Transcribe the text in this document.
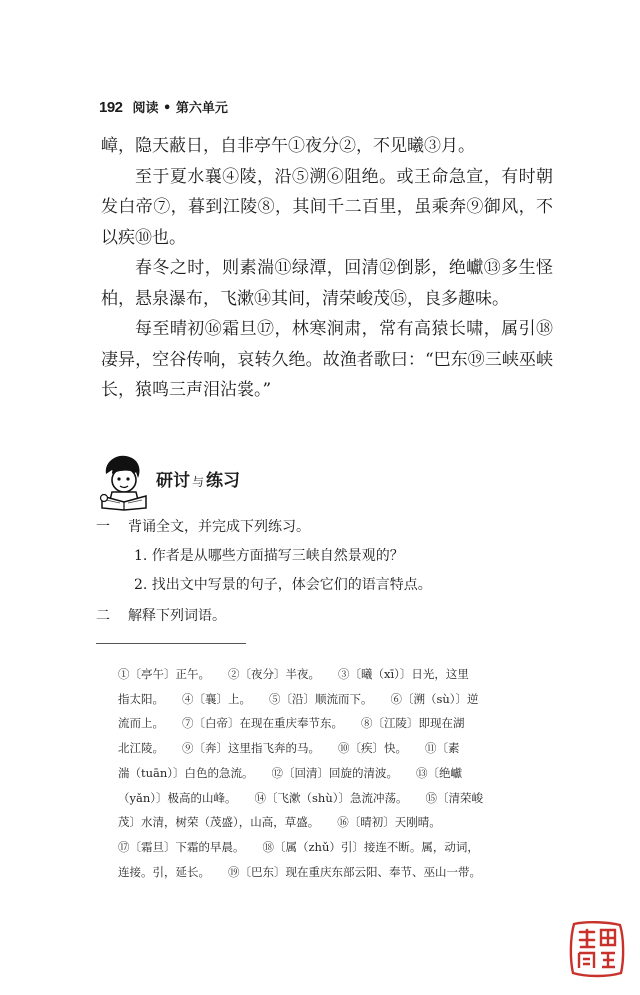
192 阅读 • 第六单元

嶂，隐天蔽日，自非亭午①夜分②，不见曦③月。

至于夏水襄④陵，沿⑤溯⑥阻绝。或王命急宣，有时朝发白帝⑦，暮到江陵⑧，其间千二百里，虽乘奔⑨御风，不以疾⑩也。

春冬之时，则素湍⑪绿潭，回清⑫倒影，绝巘⑬多生怪柏，悬泉瀑布，飞漱⑭其间，清荣峻茂⑮，良多趣味。

每至晴初⑯霜旦⑰，林寒涧肃，常有高猿长啸，属引⑱凄异，空谷传响，哀转久绝。故渔者歌曰：“巴东⑲三峡巫峡长，猿鸣三声泪沾裳。”

研讨 与 练习
一 背诵全文，并完成下列练习。
1. 作者是从哪些方面描写三峡自然景观的？
2. 找出文中写景的句子，体会它们的语言特点。
二 解释下列词语。
①〔亭午〕正午。 ②〔夜分〕半夜。 ③〔曦（xī）〕日光，这里
指太阳。 ④〔襄〕上。 ⑤〔沿〕顺流而下。 ⑥〔溯（sù）〕逆
流而上。 ⑦〔白帝〕在现在重庆奉节东。 ⑧〔江陵〕即现在湖
北江陵。 ⑨〔奔〕这里指飞奔的马。 ⑩〔疾〕快。 ⑪〔素
湍（tuān）〕白色的急流。 ⑫〔回清〕回旋的清波。 ⑬〔绝巘
（yǎn）〕极高的山峰。 ⑭〔飞漱（shù）〕急流冲荡。 ⑮〔清荣峻
茂〕水清，树荣（茂盛），山高，草盛。 ⑯〔晴初〕天刚晴。
⑰〔霜旦〕下霜的早晨。 ⑱〔属（zhǔ）引〕接连不断。属，动词，
连接。引，延长。 ⑲〔巴东〕现在重庆东部云阳、奉节、巫山一带。
